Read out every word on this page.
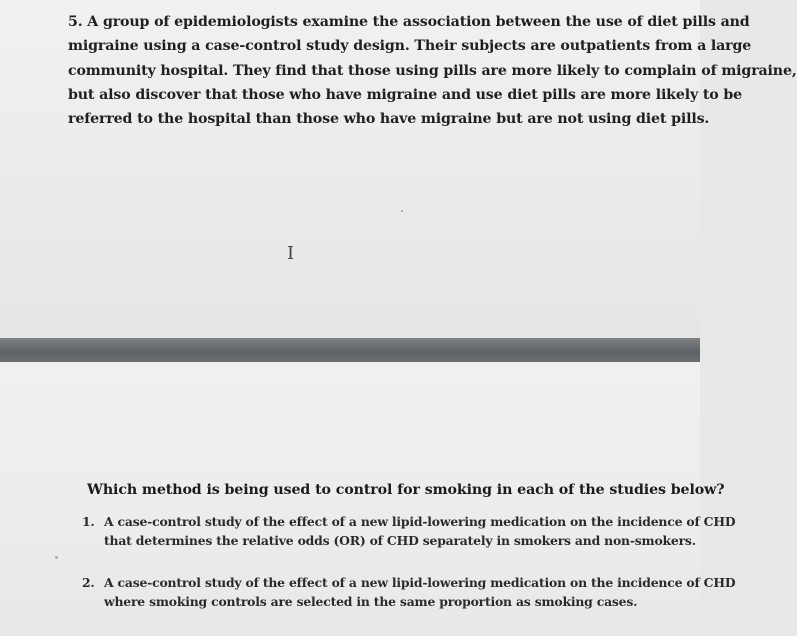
5. A group of epidemiologists examine the association between the use of diet pills and
migraine using a case-control study design. Their subjects are outpatients from a large
community hospital. They find that those using pills are more likely to complain of migraine,
but also discover that those who have migraine and use diet pills are more likely to be
referred to the hospital than those who have migraine but are not using diet pills.
I
Which method is being used to control for smoking in each of the studies below?
1. A case-control study of the effect of a new lipid-lowering medication on the incidence of CHD
that determines the relative odds (OR) of CHD separately in smokers and non-smokers.
2. A case-control study of the effect of a new lipid-lowering medication on the incidence of CHD
where smoking controls are selected in the same proportion as smoking cases.
